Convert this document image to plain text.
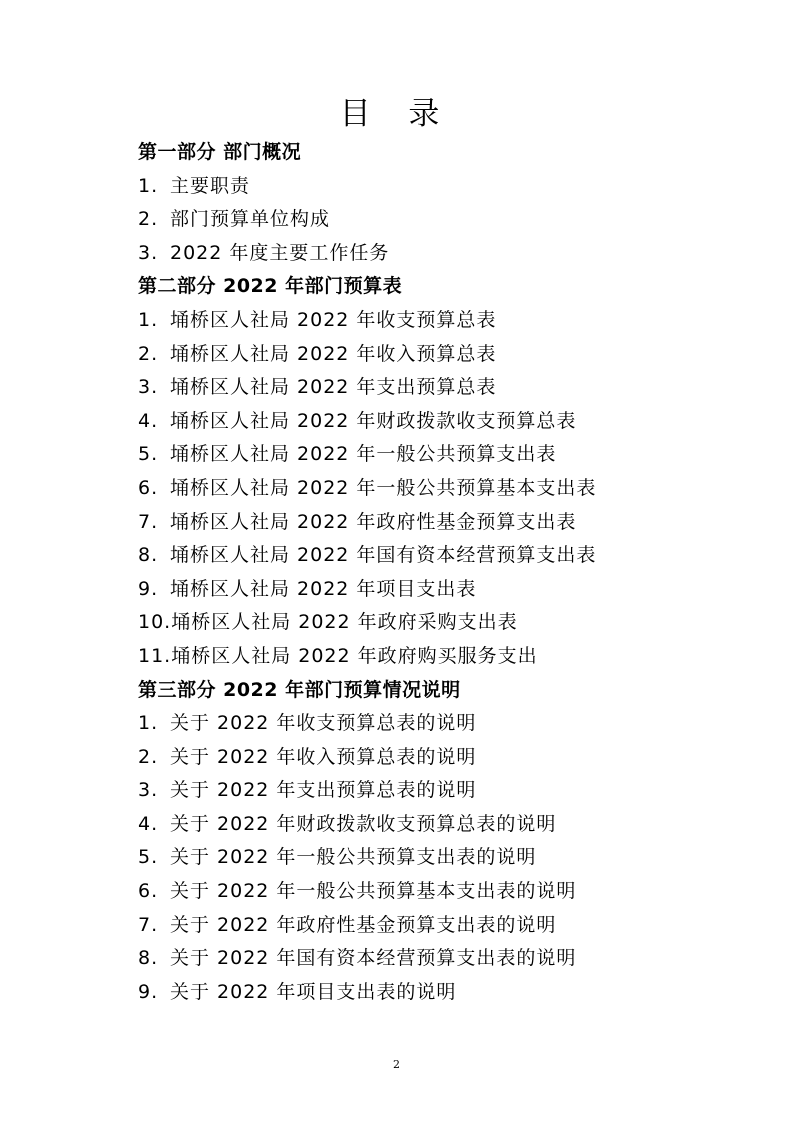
目 录
第一部分 部门概况
1. 主要职责
2. 部门预算单位构成
3. 2022 年度主要工作任务
第二部分 2022 年部门预算表
1. 埇桥区人社局 2022 年收支预算总表
2. 埇桥区人社局 2022 年收入预算总表
3. 埇桥区人社局 2022 年支出预算总表
4. 埇桥区人社局 2022 年财政拨款收支预算总表
5. 埇桥区人社局 2022 年一般公共预算支出表
6. 埇桥区人社局 2022 年一般公共预算基本支出表
7. 埇桥区人社局 2022 年政府性基金预算支出表
8. 埇桥区人社局 2022 年国有资本经营预算支出表
9. 埇桥区人社局 2022 年项目支出表
10.埇桥区人社局 2022 年政府采购支出表
11.埇桥区人社局 2022 年政府购买服务支出
第三部分 2022 年部门预算情况说明
1. 关于 2022 年收支预算总表的说明
2. 关于 2022 年收入预算总表的说明
3. 关于 2022 年支出预算总表的说明
4. 关于 2022 年财政拨款收支预算总表的说明
5. 关于 2022 年一般公共预算支出表的说明
6. 关于 2022 年一般公共预算基本支出表的说明
7. 关于 2022 年政府性基金预算支出表的说明
8. 关于 2022 年国有资本经营预算支出表的说明
9. 关于 2022 年项目支出表的说明
2
